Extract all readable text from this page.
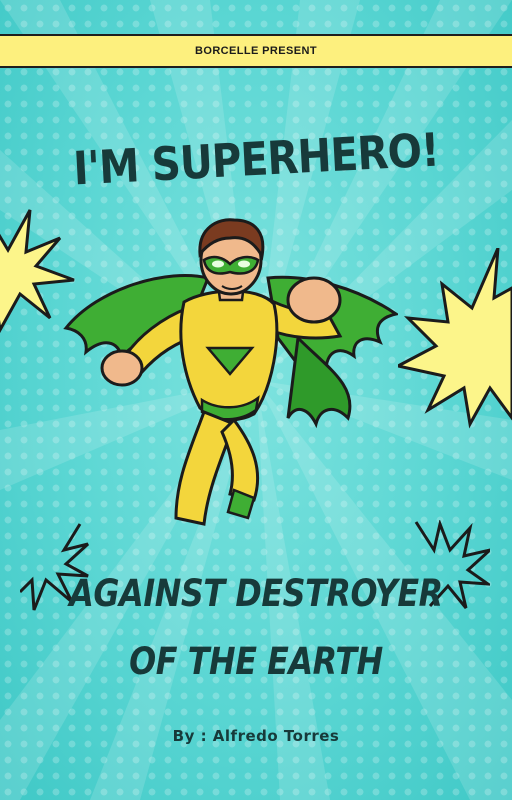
BORCELLE PRESENT
I'M SUPERHERO!
AGAINST DESTROYER
OF THE EARTH
By : Alfredo Torres
